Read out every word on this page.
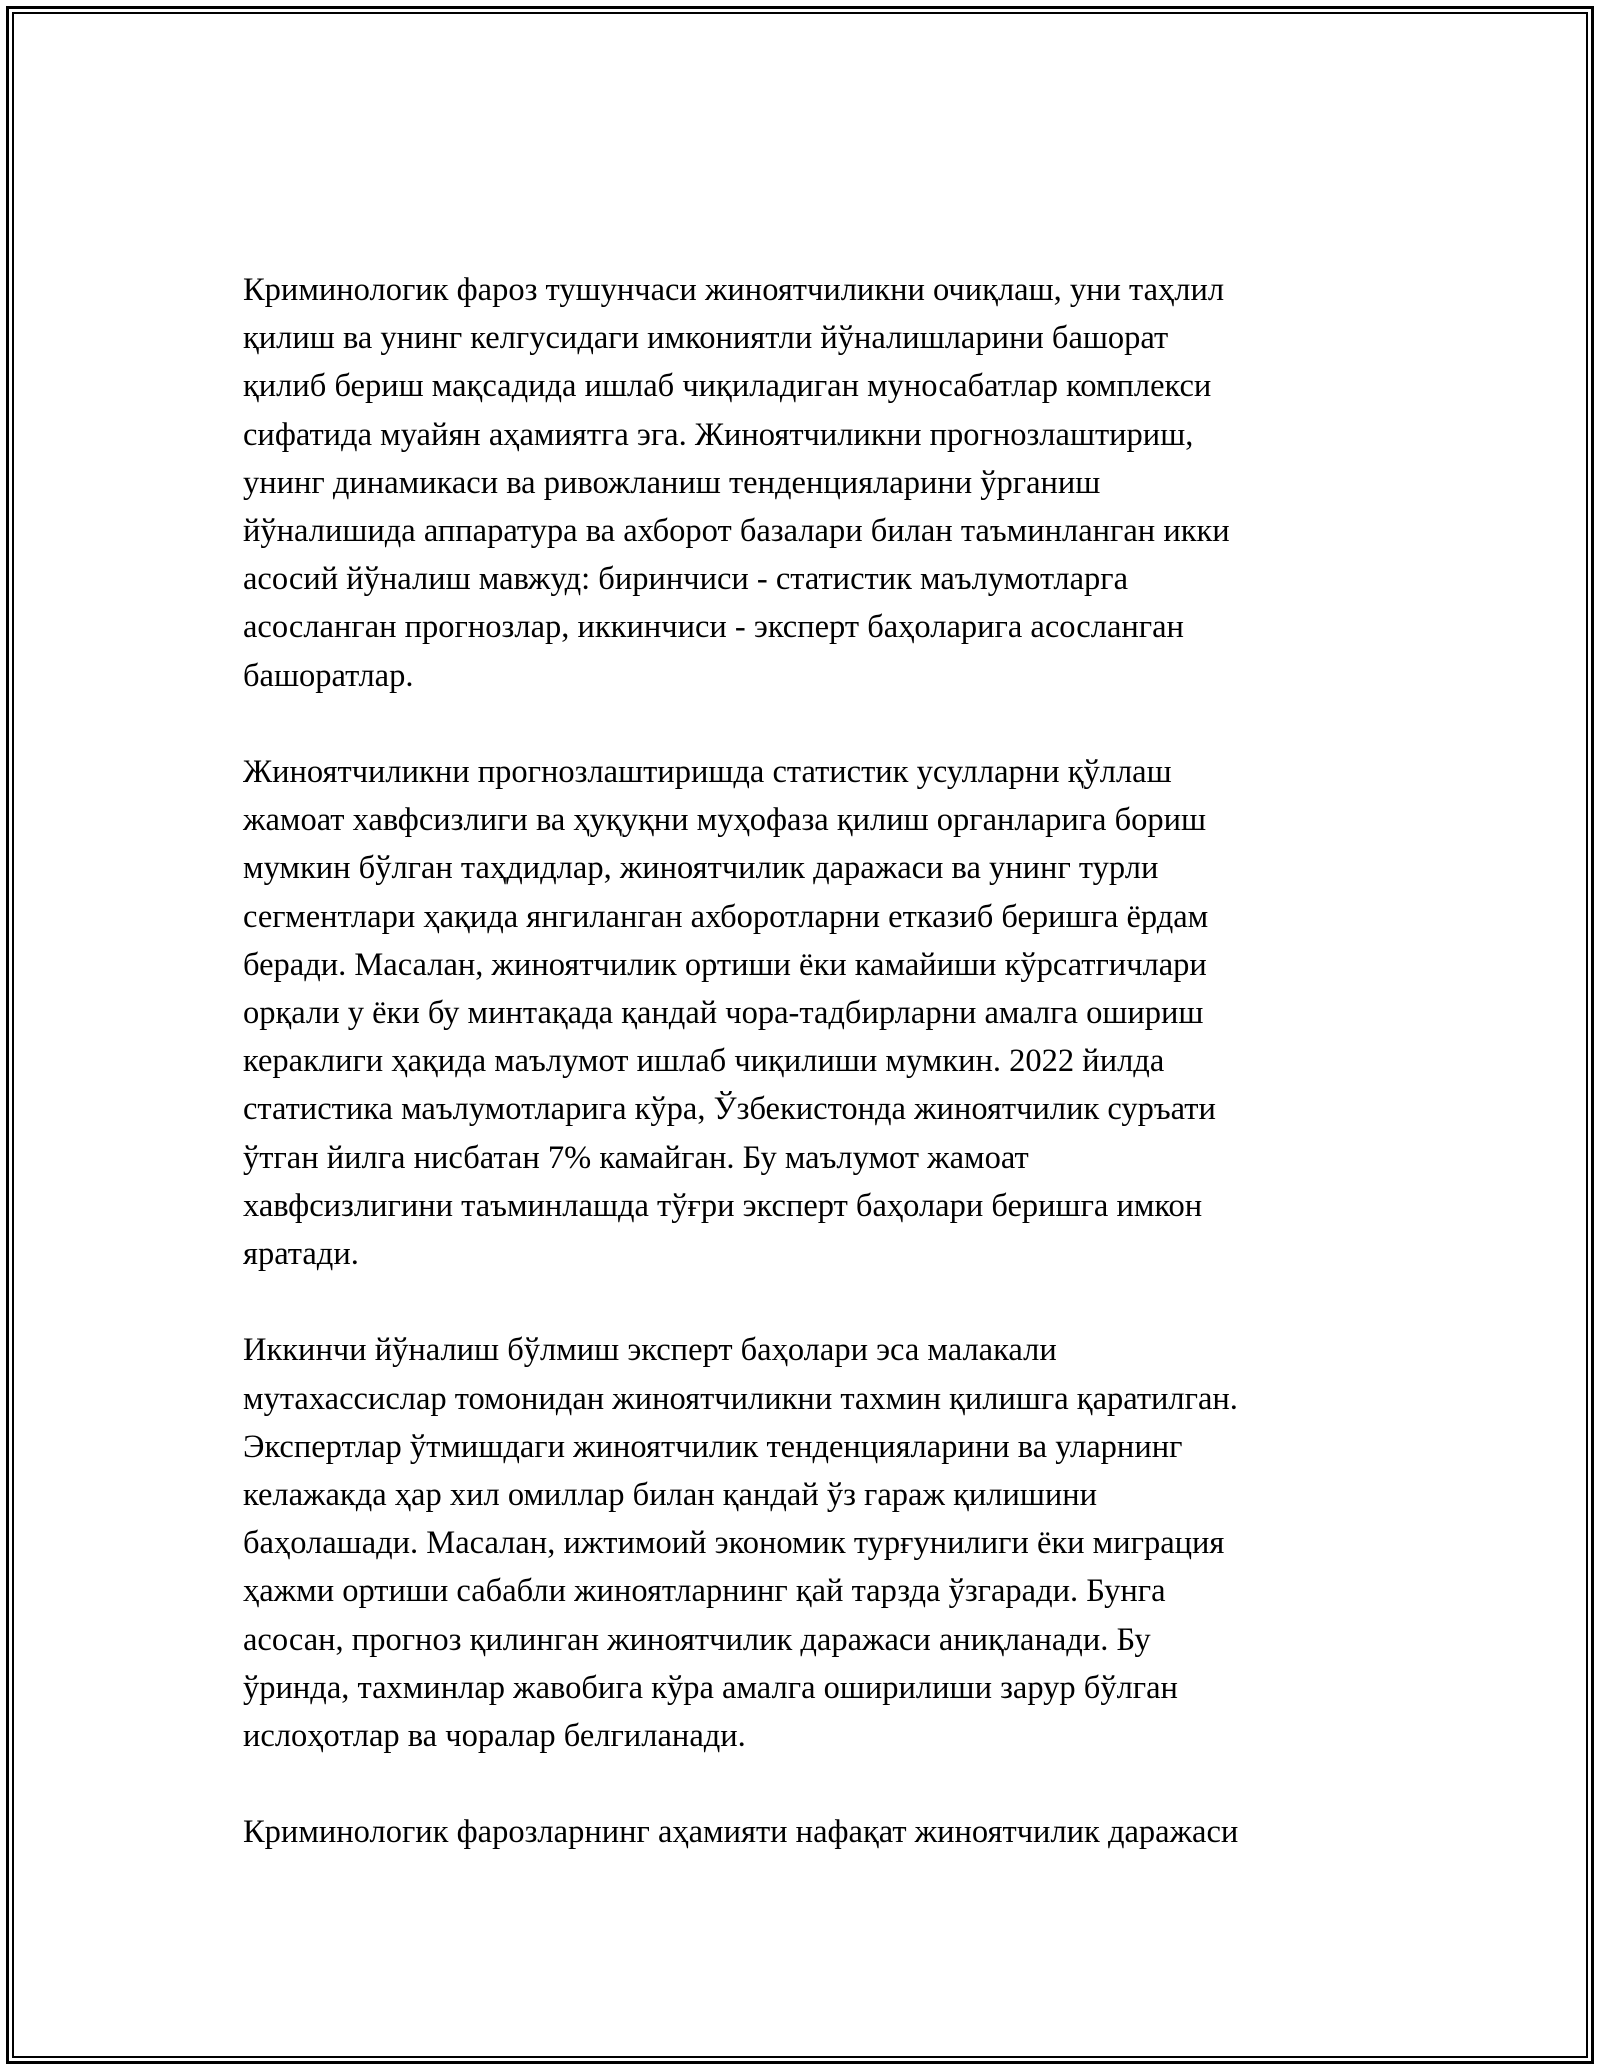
Криминологик фароз тушунчаси жиноятчиликни очиқлаш, уни таҳлил
қилиш ва унинг келгусидаги имкониятли йўналишларини башорат
қилиб бериш мақсадида ишлаб чиқиладиган муносабатлар комплекси
сифатида муайян аҳамиятга эга. Жиноятчиликни прогнозлаштириш,
унинг динамикаси ва ривожланиш тенденцияларини ўрганиш
йўналишида аппаратура ва ахборот базалари билан таъминланган икки
асосий йўналиш мавжуд: биринчиси - статистик маълумотларга
асосланган прогнозлар, иккинчиси - эксперт баҳоларига асосланган
башоратлар.

Жиноятчиликни прогнозлаштиришда статистик усулларни қўллаш
жамоат хавфсизлиги ва ҳуқуқни муҳофаза қилиш органларига бориш
мумкин бўлган таҳдидлар, жиноятчилик даражаси ва унинг турли
сегментлари ҳақида янгиланган ахборотларни етказиб беришга ёрдам
беради. Масалан, жиноятчилик ортиши ёки камайиши кўрсатгичлари
орқали у ёки бу минтақада қандай чора-тадбирларни амалга ошириш
кераклиги ҳақида маълумот ишлаб чиқилиши мумкин. 2022 йилда
статистика маълумотларига кўра, Ўзбекистонда жиноятчилик суръати
ўтган йилга нисбатан 7% камайган. Бу маълумот жамоат
хавфсизлигини таъминлашда тўғри эксперт баҳолари беришга имкон
яратади.

Иккинчи йўналиш бўлмиш эксперт баҳолари эса малакали
мутахассислар томонидан жиноятчиликни тахмин қилишга қаратилган.
Экспертлар ўтмишдаги жиноятчилик тенденцияларини ва уларнинг
келажакда ҳар хил омиллар билан қандай ўз гараж қилишини
баҳолашади. Масалан, ижтимоий экономик турғунилиги ёки миграция
ҳажми ортиши сабабли жиноятларнинг қай тарзда ўзгаради. Бунга
асосан, прогноз қилинган жиноятчилик даражаси аниқланади. Бу
ўринда, тахминлар жавобига кўра амалга оширилиши зарур бўлган
ислоҳотлар ва чоралар белгиланади.

Криминологик фарозларнинг аҳамияти нафақат жиноятчилик даражаси
